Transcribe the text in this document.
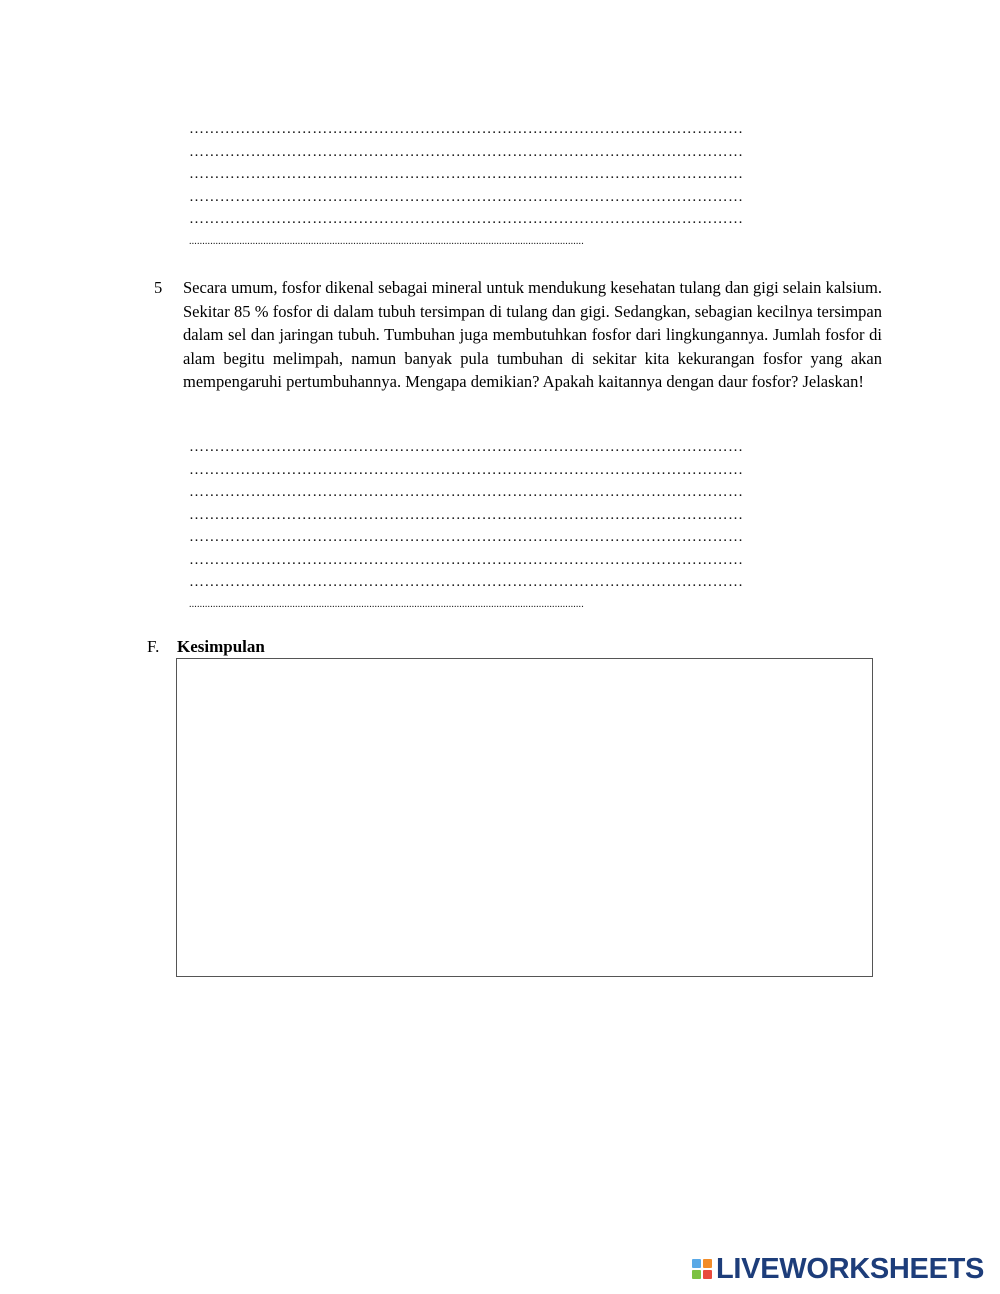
………………………………………………………………………………………………
………………………………………………………………………………………………
………………………………………………………………………………………………
………………………………………………………………………………………………
………………………………………………………………………………………………
.....................................................................................................................................................
5 Secara umum, fosfor dikenal sebagai mineral untuk mendukung kesehatan tulang dan gigi selain kalsium. Sekitar 85 % fosfor di dalam tubuh tersimpan di tulang dan gigi. Sedangkan, sebagian kecilnya tersimpan dalam sel dan jaringan tubuh. Tumbuhan juga membutuhkan fosfor dari lingkungannya. Jumlah fosfor di alam begitu melimpah, namun banyak pula tumbuhan di sekitar kita kekurangan fosfor yang akan mempengaruhi pertumbuhannya. Mengapa demikian? Apakah kaitannya dengan daur fosfor? Jelaskan!
………………………………………………………………………………………………
………………………………………………………………………………………………
………………………………………………………………………………………………
………………………………………………………………………………………………
………………………………………………………………………………………………
………………………………………………………………………………………………
………………………………………………………………………………………………
.....................................................................................................................................................
F. Kesimpulan
LIVEWORKSHEETS
